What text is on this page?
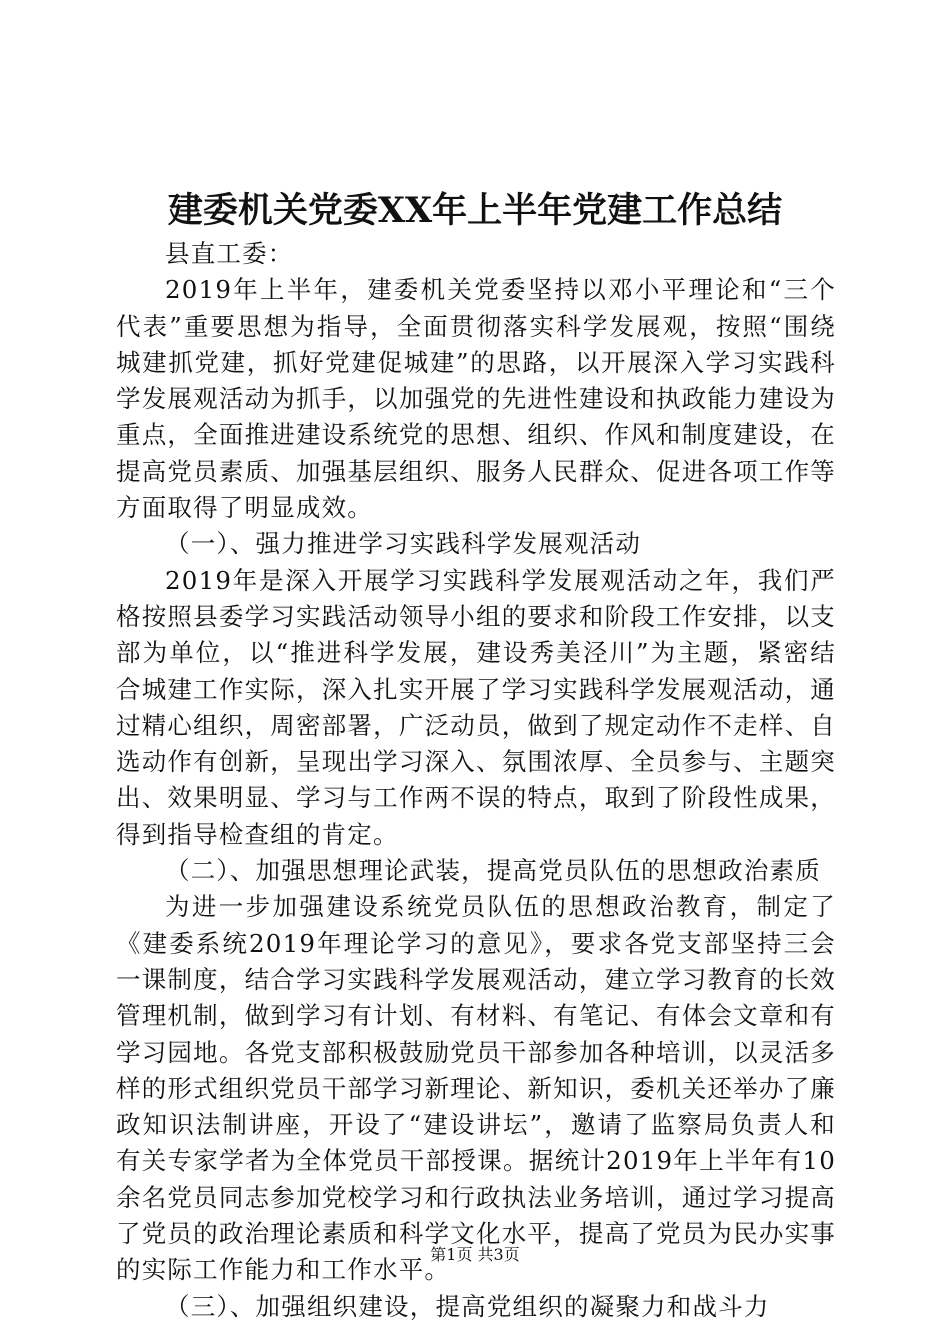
建委机关党委XX年上半年党建工作总结

县直工委：

2019年上半年，建委机关党委坚持以邓小平理论和“三个代表”重要思想为指导，全面贯彻落实科学发展观，按照“围绕城建抓党建，抓好党建促城建”的思路，以开展深入学习实践科学发展观活动为抓手，以加强党的先进性建设和执政能力建设为重点，全面推进建设系统党的思想、组织、作风和制度建设，在提高党员素质、加强基层组织、服务人民群众、促进各项工作等方面取得了明显成效。

（一）、强力推进学习实践科学发展观活动

2019年是深入开展学习实践科学发展观活动之年，我们严格按照县委学习实践活动领导小组的要求和阶段工作安排，以支部为单位，以“推进科学发展，建设秀美泾川”为主题，紧密结合城建工作实际，深入扎实开展了学习实践科学发展观活动，通过精心组织，周密部署，广泛动员，做到了规定动作不走样、自选动作有创新，呈现出学习深入、氛围浓厚、全员参与、主题突出、效果明显、学习与工作两不误的特点，取到了阶段性成果，得到指导检查组的肯定。

（二）、加强思想理论武装，提高党员队伍的思想政治素质

为进一步加强建设系统党员队伍的思想政治教育，制定了《建委系统2019年理论学习的意见》，要求各党支部坚持三会一课制度，结合学习实践科学发展观活动，建立学习教育的长效管理机制，做到学习有计划、有材料、有笔记、有体会文章和有学习园地。各党支部积极鼓励党员干部参加各种培训，以灵活多样的形式组织党员干部学习新理论、新知识，委机关还举办了廉政知识法制讲座，开设了“建设讲坛”，邀请了监察局负责人和有关专家学者为全体党员干部授课。据统计2019年上半年有10余名党员同志参加党校学习和行政执法业务培训，通过学习提高了党员的政治理论素质和科学文化水平，提高了党员为民办实事的实际工作能力和工作水平。

（三）、加强组织建设，提高党组织的凝聚力和战斗力

第1页 共3页
